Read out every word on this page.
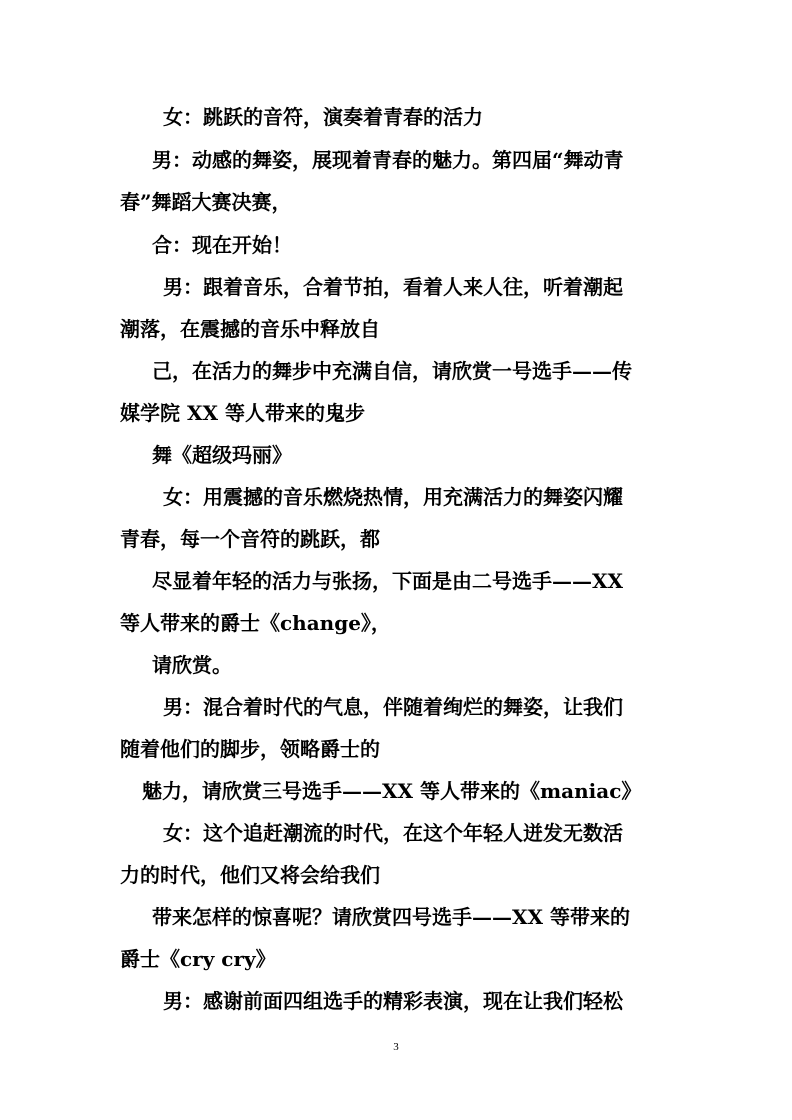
女：跳跃的音符，演奏着青春的活力
男：动感的舞姿，展现着青春的魅力。第四届“舞动青
春”舞蹈大赛决赛，
合：现在开始！
男：跟着音乐，合着节拍，看着人来人往，听着潮起
潮落，在震撼的音乐中释放自
己，在活力的舞步中充满自信，请欣赏一号选手——传
媒学院 XX 等人带来的鬼步
舞《超级玛丽》
女：用震撼的音乐燃烧热情，用充满活力的舞姿闪耀
青春，每一个音符的跳跃，都
尽显着年轻的活力与张扬，下面是由二号选手——XX
等人带来的爵士《change》，
请欣赏。
男：混合着时代的气息，伴随着绚烂的舞姿，让我们
随着他们的脚步，领略爵士的
魅力，请欣赏三号选手——XX 等人带来的《maniac》
女：这个追赶潮流的时代，在这个年轻人迸发无数活
力的时代，他们又将会给我们
带来怎样的惊喜呢？请欣赏四号选手——XX 等带来的
爵士《cry cry》
男：感谢前面四组选手的精彩表演，现在让我们轻松
3
